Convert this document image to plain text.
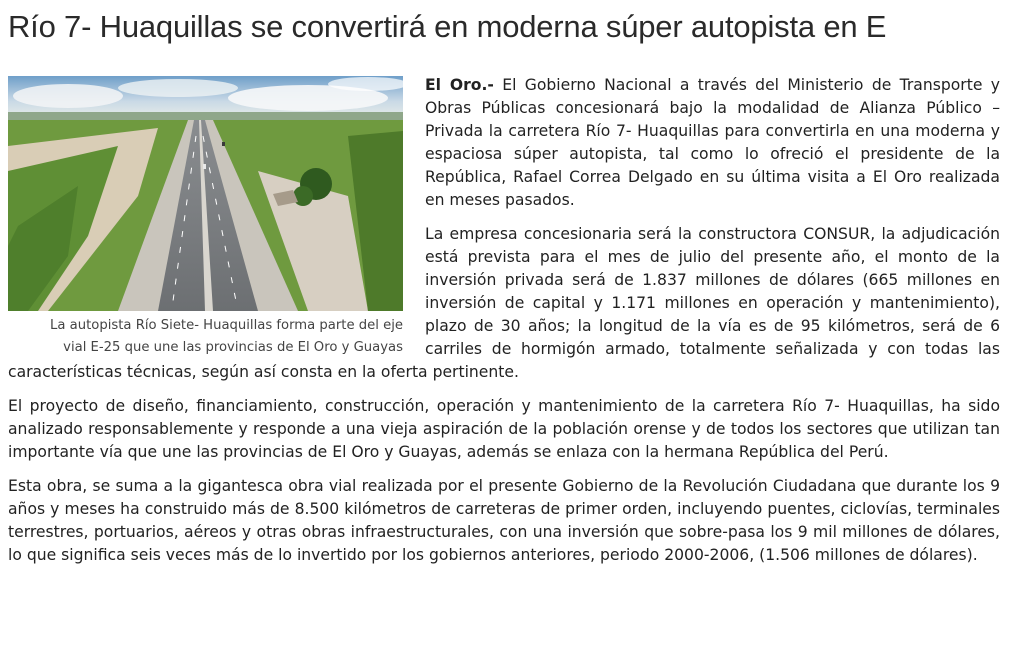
Río 7- Huaquillas se convertirá en moderna súper autopista en E
La autopista Río Siete- Huaquillas forma parte del eje
vial E-25 que une las provincias de El Oro y Guayas

El Oro.- El Gobierno Nacional a través del Ministerio de Transporte y Obras Públicas concesionará bajo la modalidad de Alianza Público – Privada la carretera Río 7- Huaquillas para convertirla en una moderna y espaciosa súper autopista, tal como lo ofreció el presidente de la República, Rafael Correa Delgado en su última visita a El Oro realizada en meses pasados.

La empresa concesionaria será la constructora CONSUR, la adjudicación está prevista para el mes de julio del presente año, el monto de la inversión privada será de 1.837 millones de dólares (665 millones en inversión de capital y 1.171 millones en operación y mantenimiento), plazo de 30 años; la longitud de la vía es de 95 kilómetros, será de 6 carriles de hormigón armado, totalmente señalizada y con todas las características técnicas, según así consta en la oferta pertinente.

El proyecto de diseño, financiamiento, construcción, operación y mantenimiento de la carretera Río 7- Huaquillas, ha sido analizado responsablemente y responde a una vieja aspiración de la población orense y de todos los sectores que utilizan tan importante vía que une las provincias de El Oro y Guayas, además se enlaza con la hermana República del Perú.

Esta obra, se suma a la gigantesca obra vial realizada por el presente Gobierno de la Revolución Ciudadana que durante los 9 años y meses ha construido más de 8.500 kilómetros de carreteras de primer orden, incluyendo puentes, ciclovías, terminales terrestres, portuarios, aéreos y otras obras infraestructurales, con una inversión que sobre-pasa los 9 mil millones de dólares, lo que significa seis veces más de lo invertido por los gobiernos anteriores, periodo 2000-2006, (1.506 millones de dólares).
